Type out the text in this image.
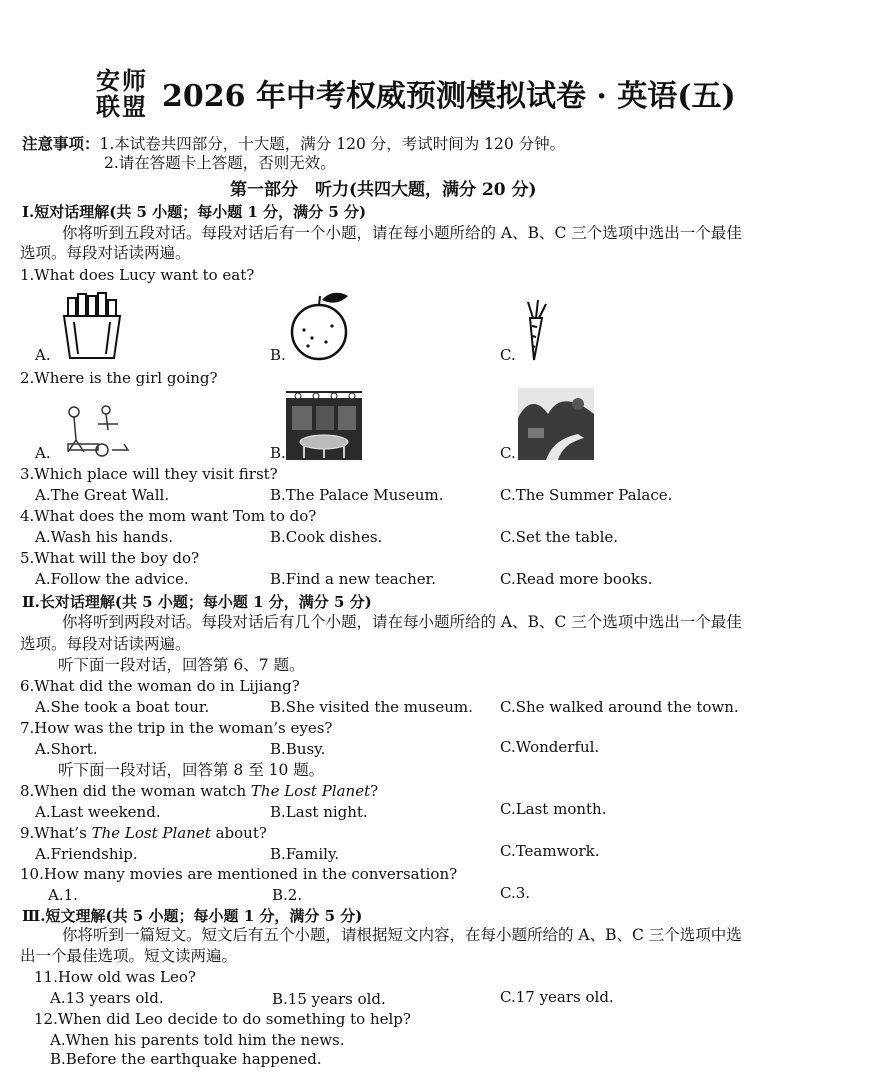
安师
联盟 2026 年中考权威预测模拟试卷 · 英语(五)
注意事项：1.本试卷共四部分，十大题，满分 120 分，考试时间为 120 分钟。
2.请在答题卡上答题，否则无效。
第一部分　听力(共四大题，满分 20 分)
Ⅰ.短对话理解(共 5 小题；每小题 1 分，满分 5 分)
你将听到五段对话。每段对话后有一个小题，请在每小题所给的 A、B、C 三个选项中选出一个最佳
选项。每段对话读两遍。
1.What does Lucy want to eat?
A.	B.	C.
2.Where is the girl going?
A.	B.	C.
3.Which place will they visit first?
A.The Great Wall.	B.The Palace Museum.	C.The Summer Palace.
4.What does the mom want Tom to do?
A.Wash his hands.	B.Cook dishes.	C.Set the table.
5.What will the boy do?
A.Follow the advice.	B.Find a new teacher.	C.Read more books.
Ⅱ.长对话理解(共 5 小题；每小题 1 分，满分 5 分)
你将听到两段对话。每段对话后有几个小题，请在每小题所给的 A、B、C 三个选项中选出一个最佳
选项。每段对话读两遍。
听下面一段对话，回答第 6、7 题。
6.What did the woman do in Lijiang?
A.She took a boat tour.	B.She visited the museum. C.She walked around the town.
7.How was the trip in the woman’s eyes?
A.Short.	B.Busy.	C.Wonderful.
听下面一段对话，回答第 8 至 10 题。
8.When did the woman watch The Lost Planet?
A.Last weekend.	B.Last night.	C.Last month.
9.What’s The Lost Planet about?
A.Friendship.	B.Family.	C.Teamwork.
10.How many movies are mentioned in the conversation?
A.1.	B.2.	C.3.
Ⅲ.短文理解(共 5 小题；每小题 1 分，满分 5 分)
你将听到一篇短文。短文后有五个小题，请根据短文内容，在每小题所给的 A、B、C 三个选项中选
出一个最佳选项。短文读两遍。
11.How old was Leo?
A.13 years old.	B.15 years old.	C.17 years old.
12.When did Leo decide to do something to help?
A.When his parents told him the news.
B.Before the earthquake happened.
